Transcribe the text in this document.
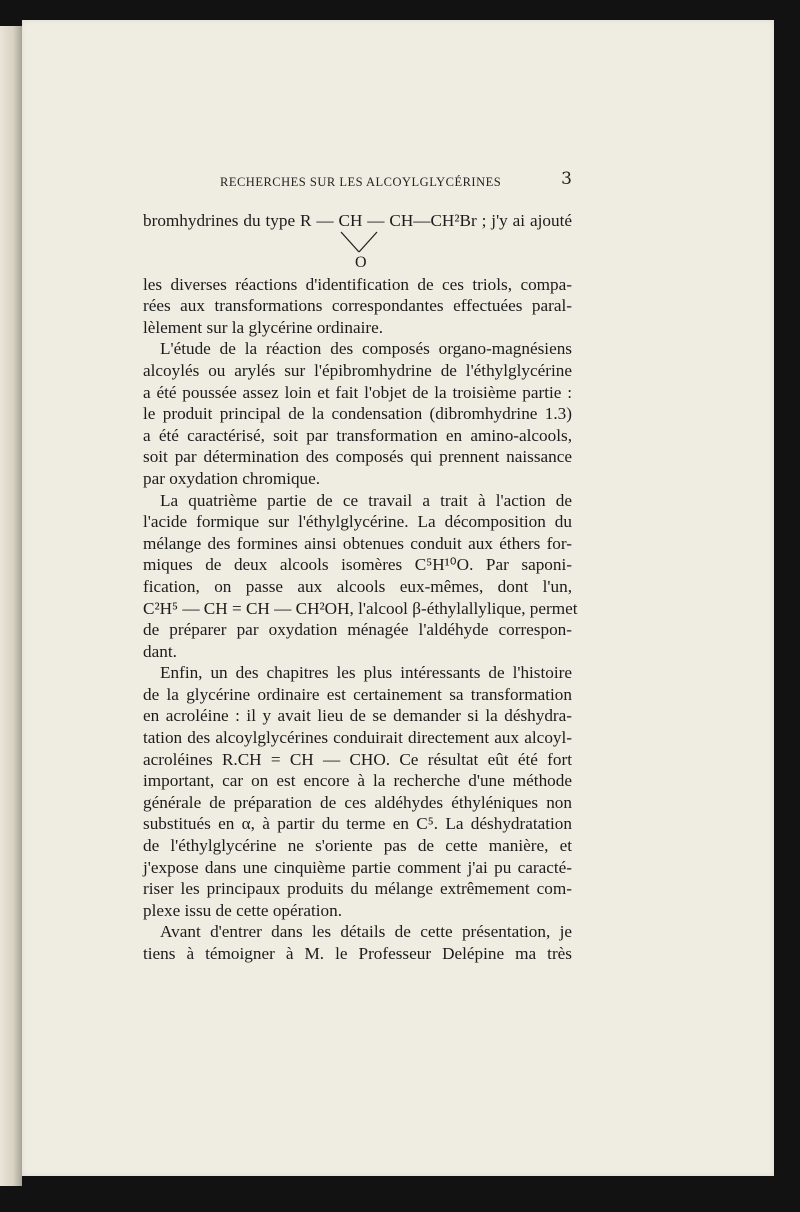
RECHERCHES SUR LES ALCOYLGLYCÉRINES	3
bromhydrines du type R — CH — CH—CH²Br ; j'y ai ajouté
O
les diverses réactions d'identification de ces triols, compa-
rées aux transformations correspondantes effectuées paral-
lèlement sur la glycérine ordinaire.
L'étude de la réaction des composés organo-magnésiens
alcoylés ou arylés sur l'épibromhydrine de l'éthylglycérine
a été poussée assez loin et fait l'objet de la troisième partie :
le produit principal de la condensation (dibromhydrine 1.3)
a été caractérisé, soit par transformation en amino-alcools,
soit par détermination des composés qui prennent naissance
par oxydation chromique.
La quatrième partie de ce travail a trait à l'action de
l'acide formique sur l'éthylglycérine. La décomposition du
mélange des formines ainsi obtenues conduit aux éthers for-
miques de deux alcools isomères C⁵H¹⁰O. Par saponi-
fication, on passe aux alcools eux-mêmes, dont l'un,
C²H⁵ — CH = CH — CH²OH, l'alcool β-éthylallylique, permet
de préparer par oxydation ménagée l'aldéhyde correspon-
dant.
Enfin, un des chapitres les plus intéressants de l'histoire
de la glycérine ordinaire est certainement sa transformation
en acroléine : il y avait lieu de se demander si la déshydra-
tation des alcoylglycérines conduirait directement aux alcoyl-
acroléines R.CH = CH — CHO. Ce résultat eût été fort
important, car on est encore à la recherche d'une méthode
générale de préparation de ces aldéhydes éthyléniques non
substitués en α, à partir du terme en C⁵. La déshydratation
de l'éthylglycérine ne s'oriente pas de cette manière, et
j'expose dans une cinquième partie comment j'ai pu caracté-
riser les principaux produits du mélange extrêmement com-
plexe issu de cette opération.
Avant d'entrer dans les détails de cette présentation, je
tiens à témoigner à M. le Professeur Delépine ma très
